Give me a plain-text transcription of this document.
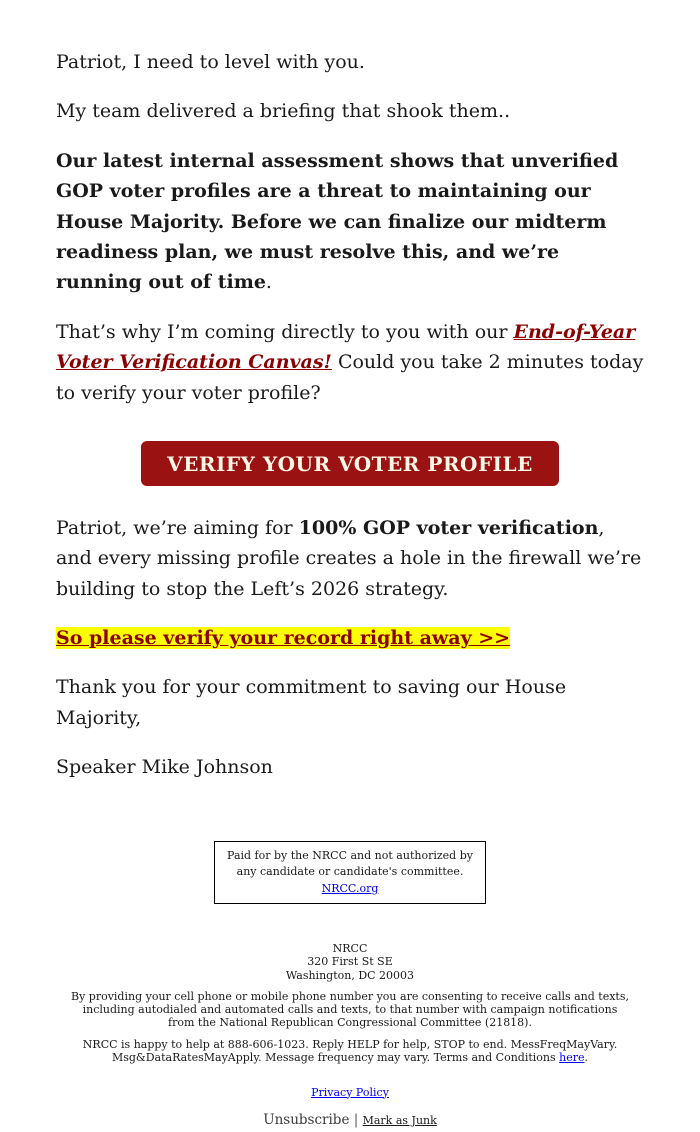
Patriot, I need to level with you.

My team delivered a briefing that shook them..

Our latest internal assessment shows that unverified GOP voter profiles are a threat to maintaining our House Majority. Before we can finalize our midterm readiness plan, we must resolve this, and we’re running out of time.

That’s why I’m coming directly to you with our End-of-Year Voter Verification Canvas! Could you take 2 minutes today to verify your voter profile?

VERIFY YOUR VOTER PROFILE

Patriot, we’re aiming for 100% GOP voter verification, and every missing profile creates a hole in the firewall we’re building to stop the Left’s 2026 strategy.

So please verify your record right away >>

Thank you for your commitment to saving our House Majority,

Speaker Mike Johnson

Paid for by the NRCC and not authorized by any candidate or candidate's committee. NRCC.org
NRCC
320 First St SE
Washington, DC 20003
By providing your cell phone or mobile phone number you are consenting to receive calls and texts, including autodialed and automated calls and texts, to that number with campaign notifications from the National Republican Congressional Committee (21818).
NRCC is happy to help at 888-606-1023. Reply HELP for help, STOP to end. MessFreqMayVary. Msg&DataRatesMayApply. Message frequency may vary. Terms and Conditions here.
Privacy Policy
Unsubscribe | Mark as Junk
